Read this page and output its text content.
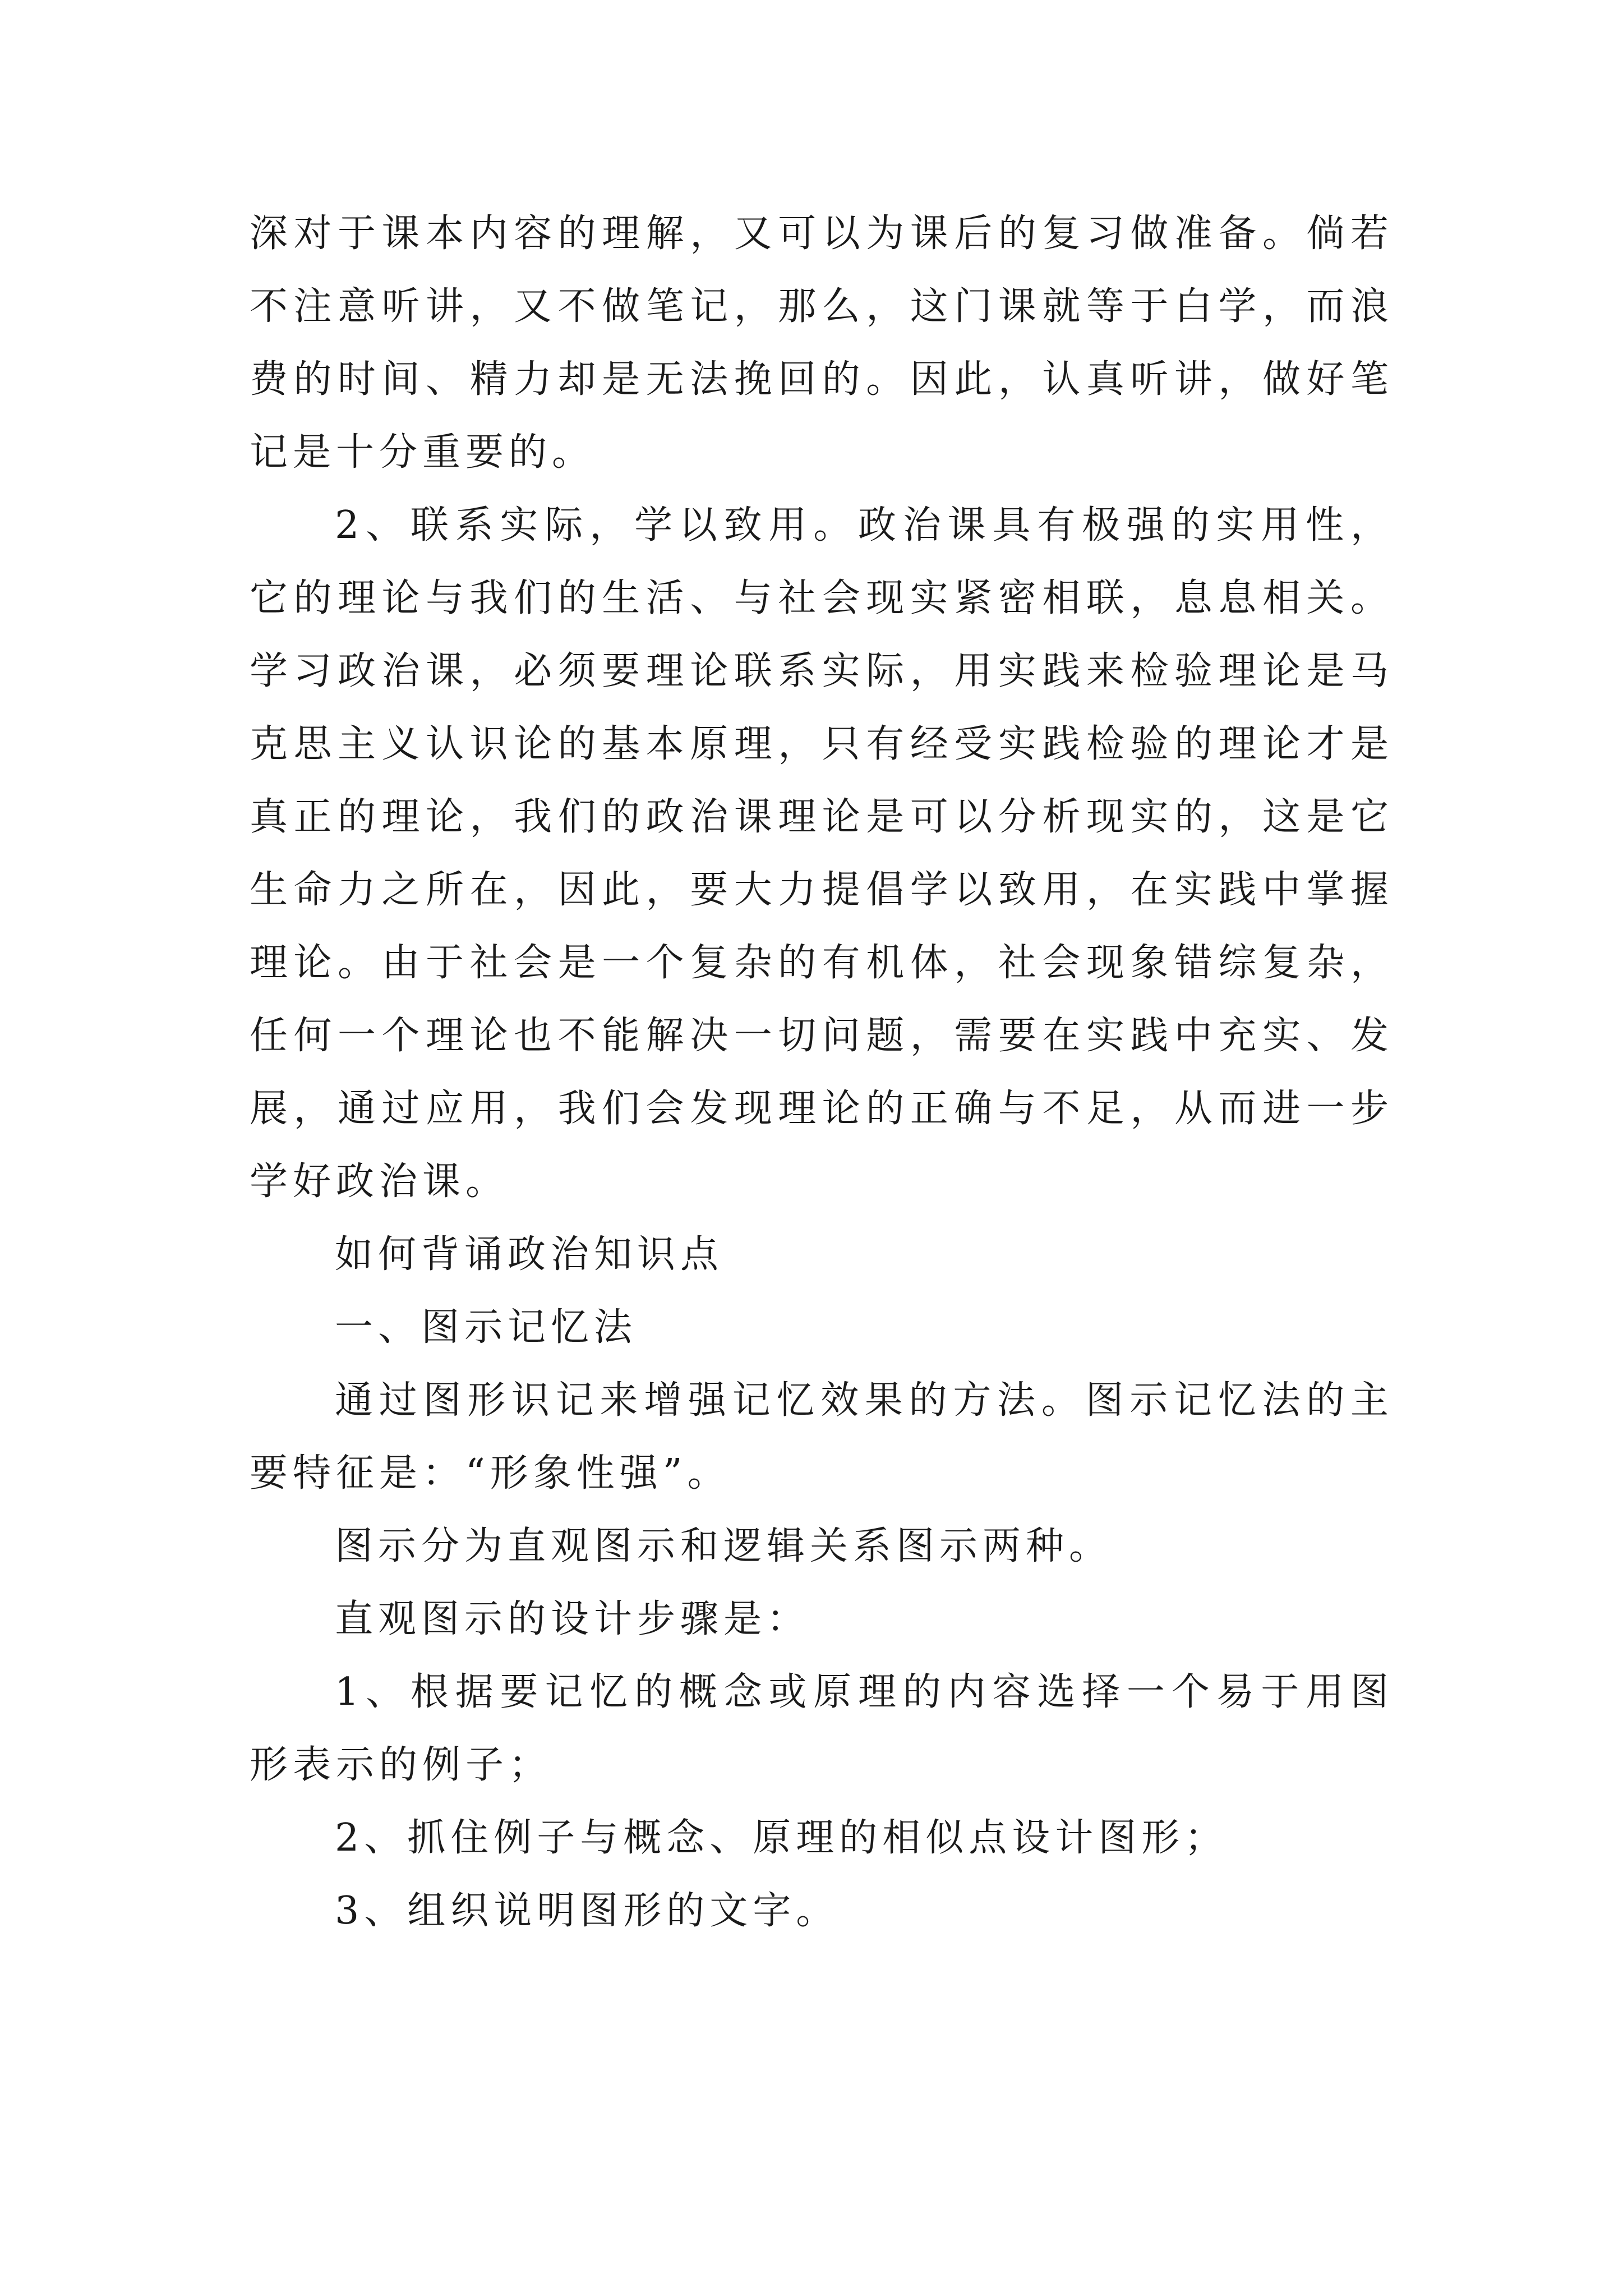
深对于课本内容的理解，又可以为课后的复习做准备。倘若不注意听讲，又不做笔记，那么，这门课就等于白学，而浪费的时间、精力却是无法挽回的。因此，认真听讲，做好笔记是十分重要的。

2、联系实际，学以致用。政治课具有极强的实用性，它的理论与我们的生活、与社会现实紧密相联，息息相关。学习政治课，必须要理论联系实际，用实践来检验理论是马克思主义认识论的基本原理，只有经受实践检验的理论才是真正的理论，我们的政治课理论是可以分析现实的，这是它生命力之所在，因此，要大力提倡学以致用，在实践中掌握理论。由于社会是一个复杂的有机体，社会现象错综复杂，任何一个理论也不能解决一切问题，需要在实践中充实、发展，通过应用，我们会发现理论的正确与不足，从而进一步学好政治课。

如何背诵政治知识点

一、图示记忆法

通过图形识记来增强记忆效果的方法。图示记忆法的主要特征是：“形象性强”。

图示分为直观图示和逻辑关系图示两种。

直观图示的设计步骤是：

1、根据要记忆的概念或原理的内容选择一个易于用图形表示的例子；

2、抓住例子与概念、原理的相似点设计图形；

3、组织说明图形的文字。
